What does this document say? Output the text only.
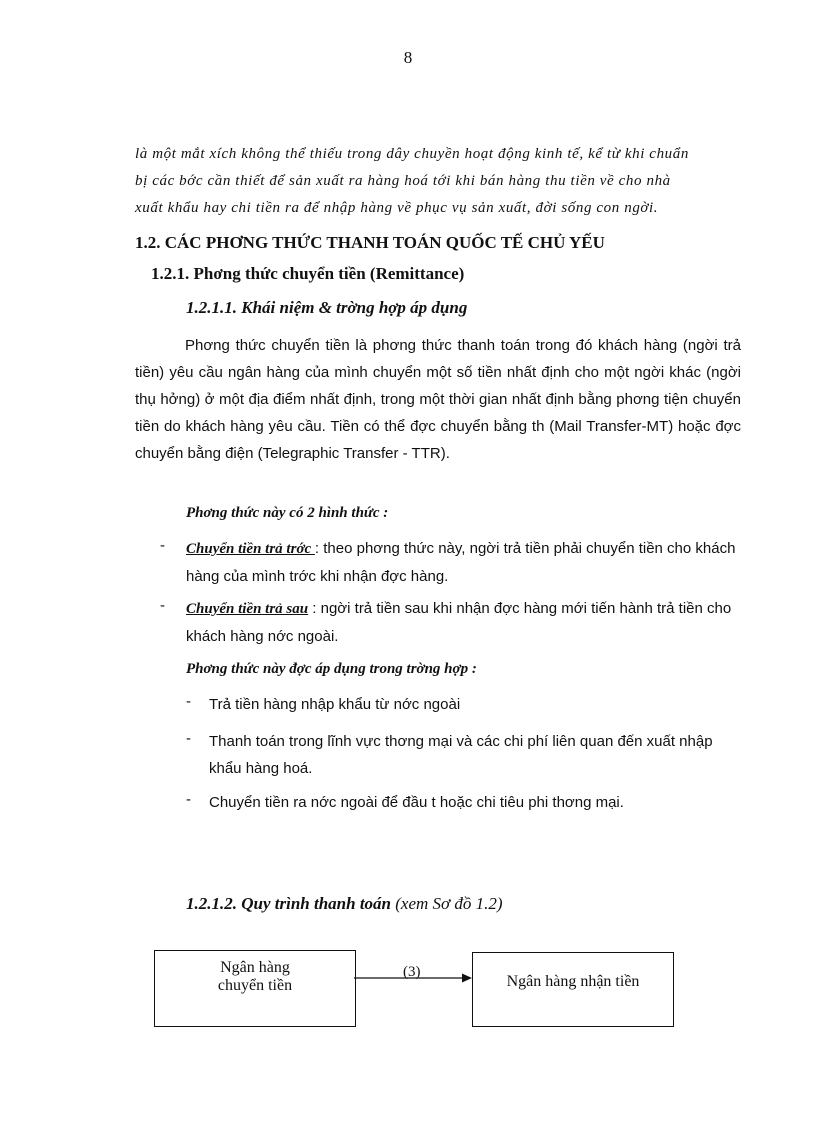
8
là một mắt xích không thể thiếu trong dây chuyền hoạt động kinh tế, kể từ khi chuẩn
bị các bớc cần thiết để sản xuất ra hàng hoá tới khi bán hàng thu tiền về cho nhà
xuất khẩu hay chi tiền ra để nhập hàng về phục vụ sản xuất, đời sống con ngời.
1.2. CÁC PHƠNG THỨC THANH TOÁN QUỐC TẾ CHỦ YẾU
1.2.1. Phơng thức chuyển tiền (Remittance)
1.2.1.1. Khái niệm & trờng hợp áp dụng
Phơng thức chuyển tiền là phơng thức thanh toán trong đó khách hàng (ngời trả tiền) yêu cầu ngân hàng của mình chuyển một số tiền nhất định cho một ngời khác (ngời thụ hởng) ở một địa điểm nhất định, trong một thời gian nhất định bằng phơng tiện chuyển tiền do khách hàng yêu cầu. Tiền có thể đợc chuyển bằng th (Mail Transfer-MT) hoặc đợc chuyển bằng điện (Telegraphic Transfer - TTR).
Phơng thức này có 2 hình thức :
- Chuyển tiền trả trớc : theo phơng thức này, ngời trả tiền phải chuyển tiền cho khách hàng của mình trớc khi nhận đợc hàng.
- Chuyển tiền trả sau : ngời trả tiền sau khi nhận đợc hàng mới tiến hành trả tiền cho khách hàng nớc ngoài.
Phơng thức này đợc áp dụng trong trờng hợp :
- Trả tiền hàng nhập khẩu từ nớc ngoài
- Thanh toán trong lĩnh vực thơng mại và các chi phí liên quan đến xuất nhập khẩu hàng hoá.
- Chuyển tiền ra nớc ngoài để đầu t hoặc chi tiêu phi thơng mại.
1.2.1.2. Quy trình thanh toán (xem Sơ đồ 1.2)
Ngân hàng
chuyển tiền
(3)
Ngân hàng nhận tiền
